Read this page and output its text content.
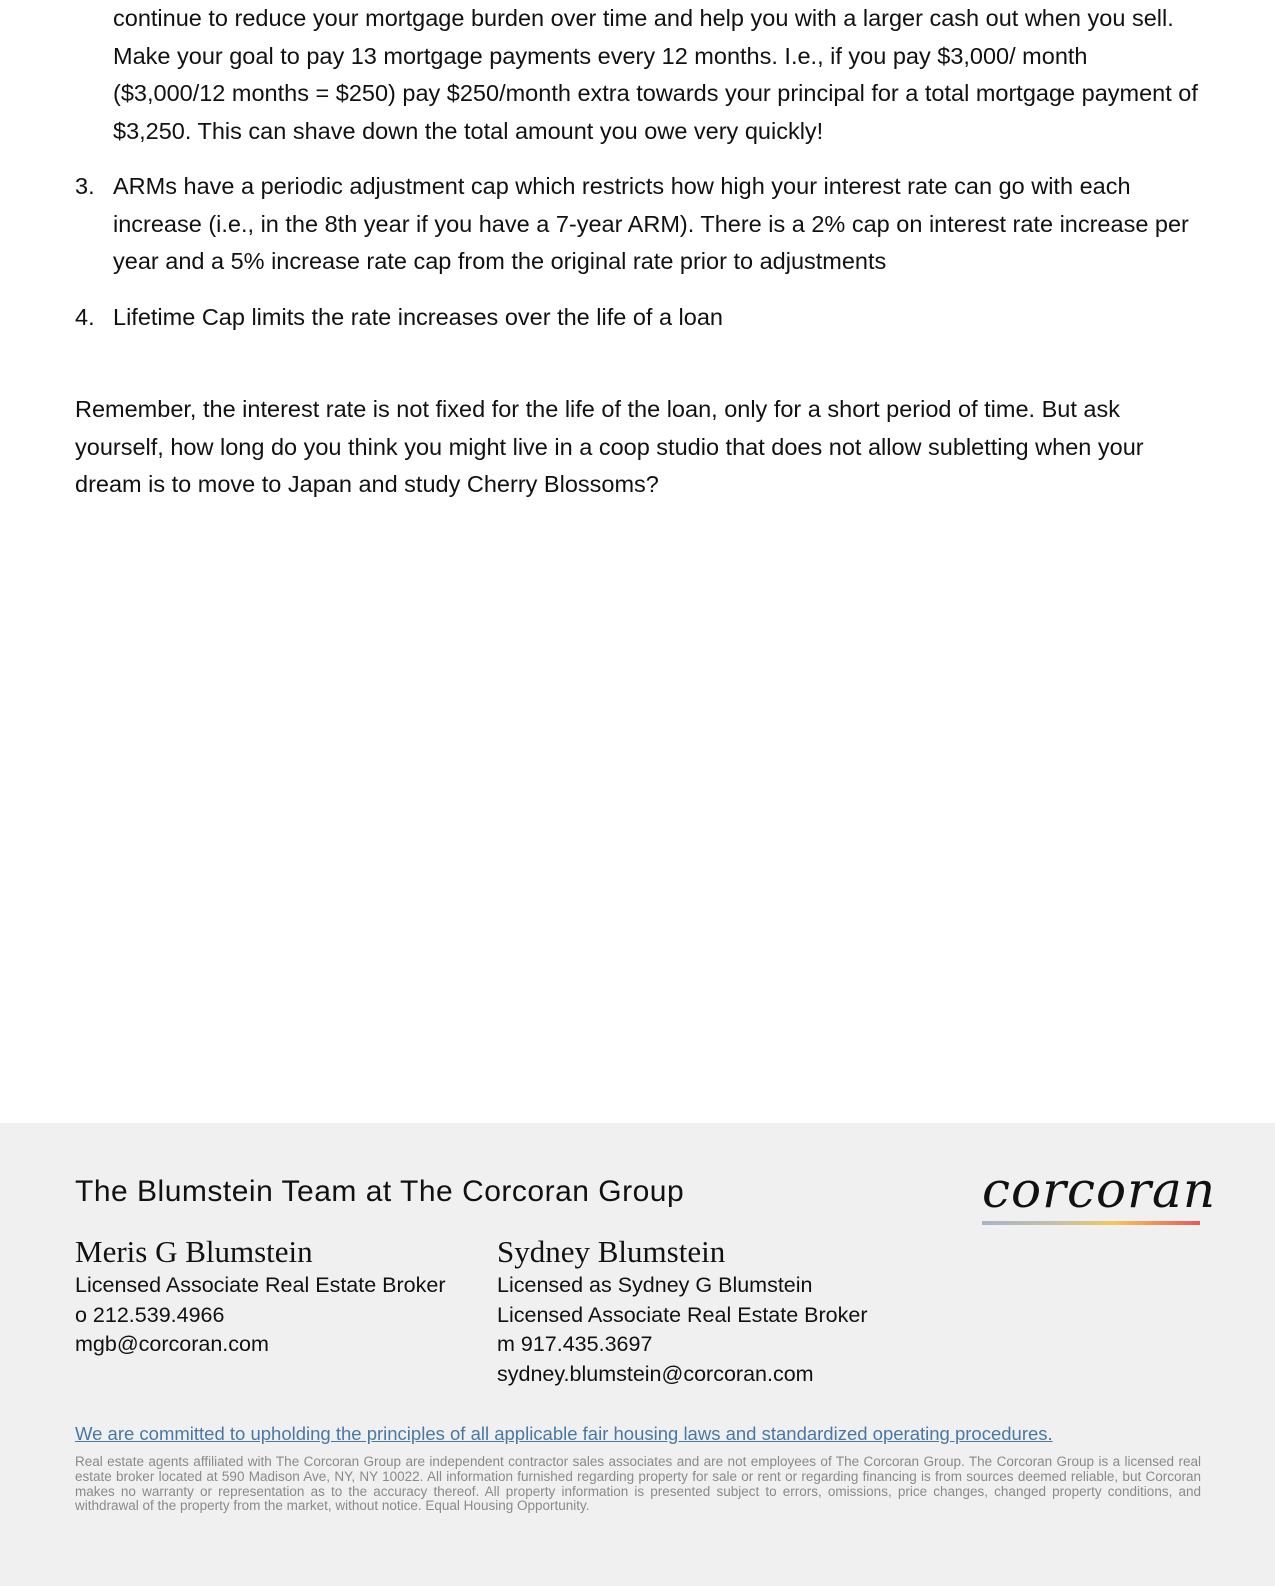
continue to reduce your mortgage burden over time and help you with a larger cash out when you sell. Make your goal to pay 13 mortgage payments every 12 months. I.e., if you pay $3,000/ month ($3,000/12 months = $250) pay $250/month extra towards your principal for a total mortgage payment of $3,250. This can shave down the total amount you owe very quickly!
3. ARMs have a periodic adjustment cap which restricts how high your interest rate can go with each increase (i.e., in the 8th year if you have a 7-year ARM). There is a 2% cap on interest rate increase per year and a 5% increase rate cap from the original rate prior to adjustments
4. Lifetime Cap limits the rate increases over the life of a loan

Remember, the interest rate is not fixed for the life of the loan, only for a short period of time. But ask yourself, how long do you think you might live in a coop studio that does not allow subletting when your dream is to move to Japan and study Cherry Blossoms?

The Blumstein Team at The Corcoran Group	corcoran
Meris G Blumstein
Licensed Associate Real Estate Broker
o 212.539.4966
mgb@corcoran.com
Sydney Blumstein
Licensed as Sydney G Blumstein
Licensed Associate Real Estate Broker
m 917.435.3697
sydney.blumstein@corcoran.com
We are committed to upholding the principles of all applicable fair housing laws and standardized operating procedures.
Real estate agents affiliated with The Corcoran Group are independent contractor sales associates and are not employees of The Corcoran Group. The Corcoran Group is a licensed real estate broker located at 590 Madison Ave, NY, NY 10022. All information furnished regarding property for sale or rent or regarding financing is from sources deemed reliable, but Corcoran makes no warranty or representation as to the accuracy thereof. All property information is presented subject to errors, omissions, price changes, changed property conditions, and withdrawal of the property from the market, without notice. Equal Housing Opportunity.
